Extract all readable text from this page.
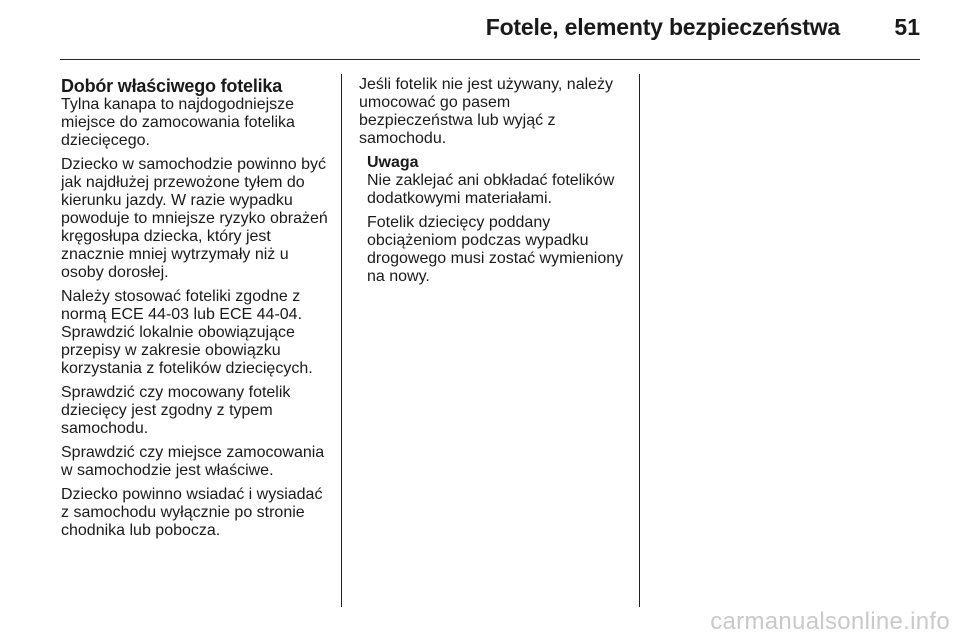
Fotele, elementy bezpieczeństwa 51
Dobór właściwego fotelika

Tylna kanapa to najdogodniejsze
miejsce do zamocowania fotelika
dziecięcego.

Dziecko w samochodzie powinno być
jak najdłużej przewożone tyłem do
kierunku jazdy. W razie wypadku
powoduje to mniejsze ryzyko obrażeń
kręgosłupa dziecka, który jest
znacznie mniej wytrzymały niż u
osoby dorosłej.

Należy stosować foteliki zgodne z
normą ECE 44-03 lub ECE 44-04.
Sprawdzić lokalnie obowiązujące
przepisy w zakresie obowiązku
korzystania z fotelików dziecięcych.

Sprawdzić czy mocowany fotelik
dziecięcy jest zgodny z typem
samochodu.

Sprawdzić czy miejsce zamocowania
w samochodzie jest właściwe.

Dziecko powinno wsiadać i wysiadać
z samochodu wyłącznie po stronie
chodnika lub pobocza.

Jeśli fotelik nie jest używany, należy
umocować go pasem
bezpieczeństwa lub wyjąć z
samochodu.

Uwaga

Nie zaklejać ani obkładać fotelików
dodatkowymi materiałami.

Fotelik dziecięcy poddany
obciążeniom podczas wypadku
drogowego musi zostać wymieniony
na nowy.

carmanualsonline.info
